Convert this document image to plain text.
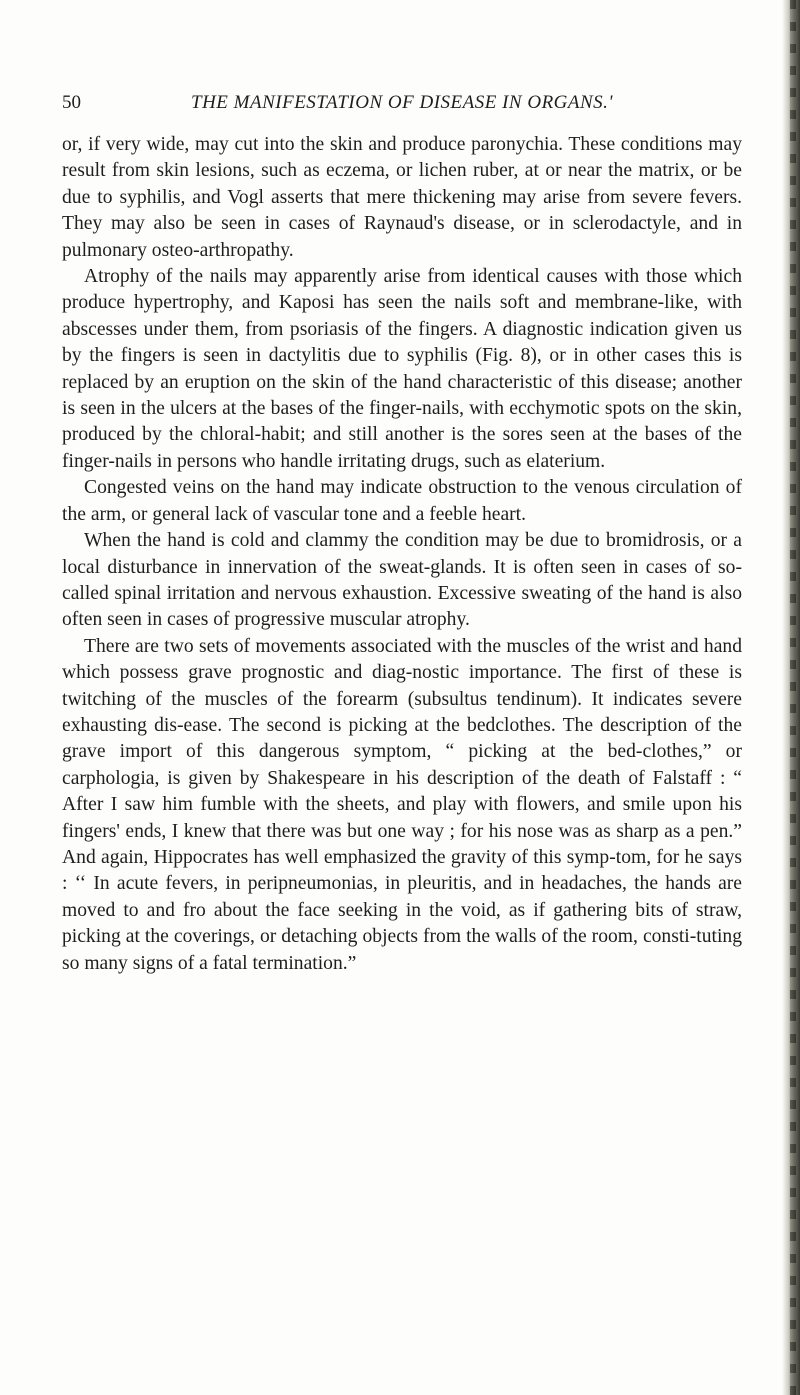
50	THE MANIFESTATION OF DISEASE IN ORGANS.'

or, if very wide, may cut into the skin and produce paronychia. These conditions may result from skin lesions, such as eczema, or lichen ruber, at or near the matrix, or be due to syphilis, and Vogl asserts that mere thickening may arise from severe fevers. They may also be seen in cases of Raynaud's disease, or in sclerodactyle, and in pulmonary osteo-arthropathy.

Atrophy of the nails may apparently arise from identical causes with those which produce hypertrophy, and Kaposi has seen the nails soft and membrane-like, with abscesses under them, from psoriasis of the fingers. A diagnostic indication given us by the fingers is seen in dactylitis due to syphilis (Fig. 8), or in other cases this is replaced by an eruption on the skin of the hand characteristic of this disease; another is seen in the ulcers at the bases of the finger-nails, with ecchymotic spots on the skin, produced by the chloral-habit; and still another is the sores seen at the bases of the finger-nails in persons who handle irritating drugs, such as elaterium.

Congested veins on the hand may indicate obstruction to the venous circulation of the arm, or general lack of vascular tone and a feeble heart.

When the hand is cold and clammy the condition may be due to bromidrosis, or a local disturbance in innervation of the sweat-glands. It is often seen in cases of so-called spinal irritation and nervous exhaustion. Excessive sweating of the hand is also often seen in cases of progressive muscular atrophy.

There are two sets of movements associated with the muscles of the wrist and hand which possess grave prognostic and diag-nostic importance. The first of these is twitching of the muscles of the forearm (subsultus tendinum). It indicates severe exhausting dis-ease. The second is picking at the bedclothes. The description of the grave import of this dangerous symptom, “ picking at the bed-clothes,” or carphologia, is given by Shakespeare in his description of the death of Falstaff : “ After I saw him fumble with the sheets, and play with flowers, and smile upon his fingers' ends, I knew that there was but one way ; for his nose was as sharp as a pen.” And again, Hippocrates has well emphasized the gravity of this symp-tom, for he says : ‘‘ In acute fevers, in peripneumonias, in pleuritis, and in headaches, the hands are moved to and fro about the face seeking in the void, as if gathering bits of straw, picking at the coverings, or detaching objects from the walls of the room, consti-tuting so many signs of a fatal termination.”
